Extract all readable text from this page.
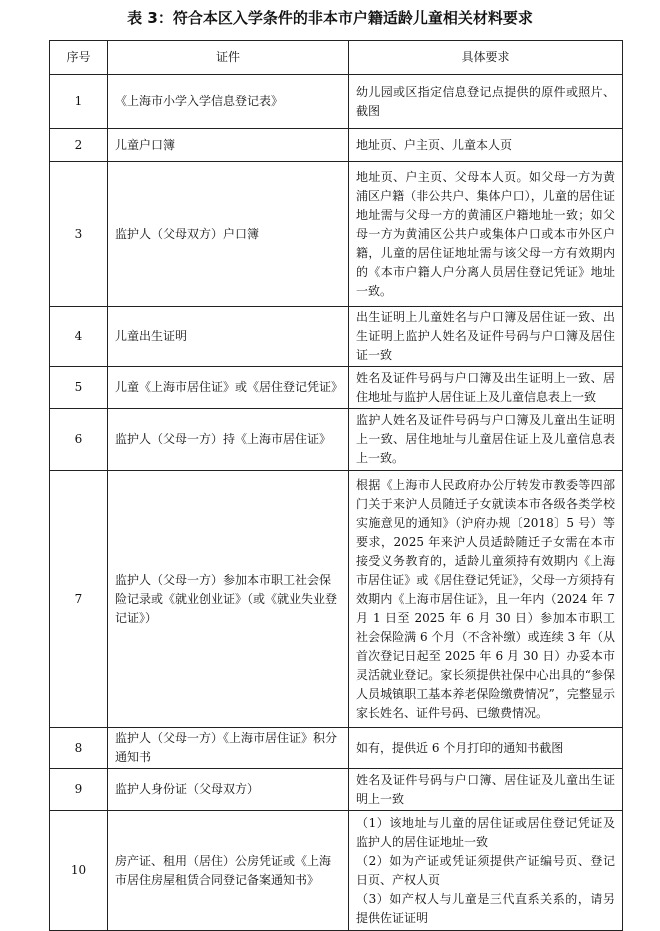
表 3：符合本区入学条件的非本市户籍适龄儿童相关材料要求
序号	证件	具体要求
1	《上海市小学入学信息登记表》	幼儿园或区指定信息登记点提供的原件或照片、截图
2	儿童户口簿	地址页、户主页、儿童本人页
3	监护人（父母双方）户口簿	地址页、户主页、父母本人页。如父母一方为黄浦区户籍（非公共户、集体户口），儿童的居住证地址需与父母一方的黄浦区户籍地址一致；如父母一方为黄浦区公共户或集体户口或本市外区户籍，儿童的居住证地址需与该父母一方有效期内的《本市户籍人户分离人员居住登记凭证》地址一致。
4	儿童出生证明	出生证明上儿童姓名与户口簿及居住证一致、出生证明上监护人姓名及证件号码与户口簿及居住证一致
5	儿童《上海市居住证》或《居住登记凭证》	姓名及证件号码与户口簿及出生证明上一致、居住地址与监护人居住证上及儿童信息表上一致
6	监护人（父母一方）持《上海市居住证》	监护人姓名及证件号码与户口簿及儿童出生证明上一致、居住地址与儿童居住证上及儿童信息表上一致。
7	监护人（父母一方）参加本市职工社会保险记录或《就业创业证》（或《就业失业登记证》）	根据《上海市人民政府办公厅转发市教委等四部门关于来沪人员随迁子女就读本市各级各类学校实施意见的通知》（沪府办规〔2018〕5 号）等要求，2025 年来沪人员适龄随迁子女需在本市接受义务教育的，适龄儿童须持有效期内《上海市居住证》或《居住登记凭证》，父母一方须持有效期内《上海市居住证》，且一年内（2024 年 7 月 1 日至 2025 年 6 月 30 日）参加本市职工社会保险满 6 个月（不含补缴）或连续 3 年（从首次登记日起至 2025 年 6 月 30 日）办妥本市灵活就业登记。家长须提供社保中心出具的“参保人员城镇职工基本养老保险缴费情况”，完整显示家长姓名、证件号码、已缴费情况。
8	监护人（父母一方）《上海市居住证》积分通知书	如有，提供近 6 个月打印的通知书截图
9	监护人身份证（父母双方）	姓名及证件号码与户口簿、居住证及儿童出生证明上一致
10	房产证、租用（居住）公房凭证或《上海市居住房屋租赁合同登记备案通知书》	（1）该地址与儿童的居住证或居住登记凭证及监护人的居住证地址一致
（2）如为产证或凭证须提供产证编号页、登记日页、产权人页
（3）如产权人与儿童是三代直系关系的，请另提供佐证证明
